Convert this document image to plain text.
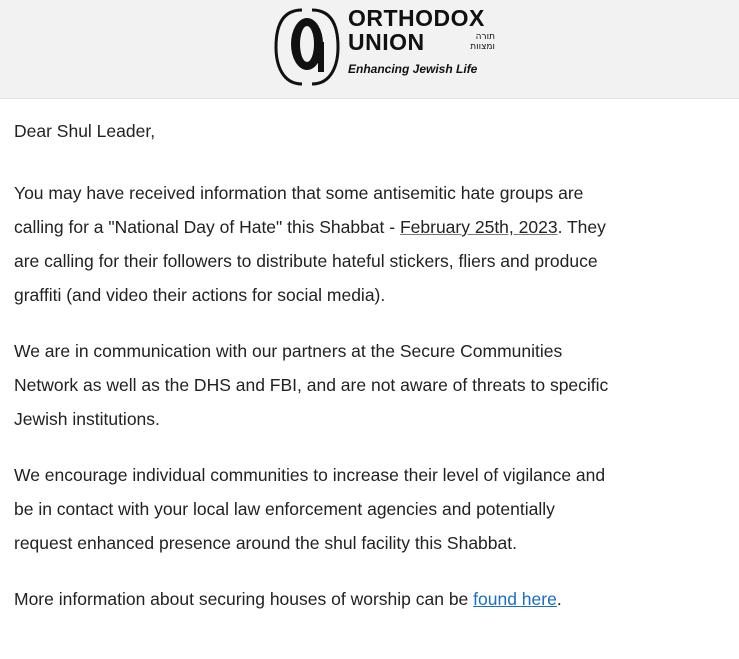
ORTHODOX
UNION	תורה
ומצוות
Enhancing Jewish Life

Dear Shul Leader,

You may have received information that some antisemitic hate groups are
calling for a "National Day of Hate" this Shabbat - February 25th, 2023. They
are calling for their followers to distribute hateful stickers, fliers and produce
graffiti (and video their actions for social media).

We are in communication with our partners at the Secure Communities
Network as well as the DHS and FBI, and are not aware of threats to specific
Jewish institutions.

We encourage individual communities to increase their level of vigilance and
be in contact with your local law enforcement agencies and potentially
request enhanced presence around the shul facility this Shabbat.

More information about securing houses of worship can be found here.
